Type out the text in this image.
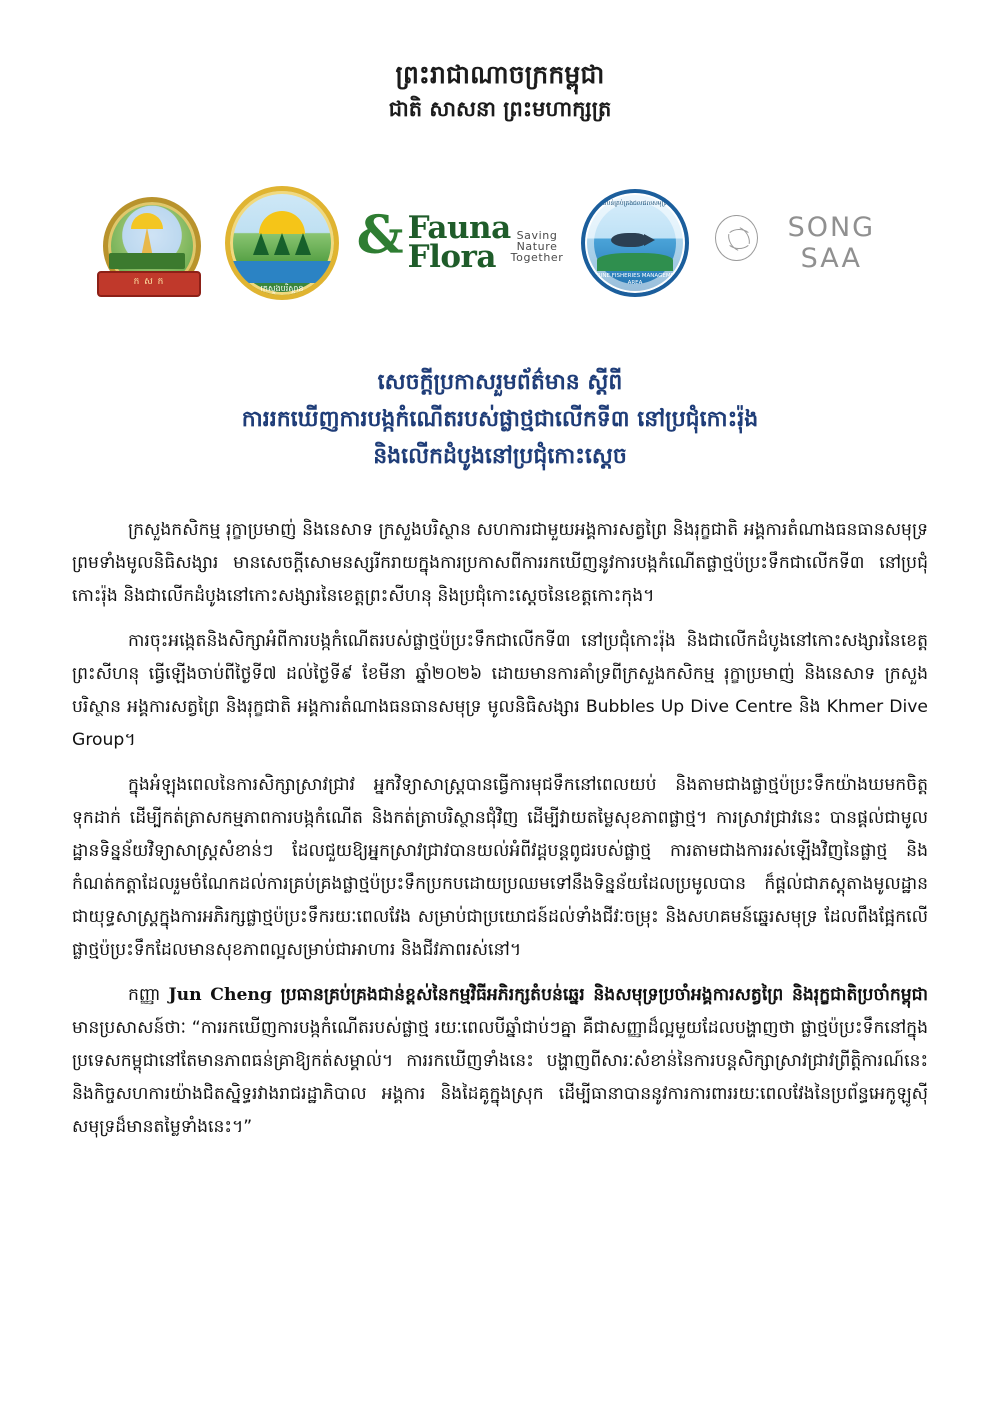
ព្រះរាជាណាចក្រកម្ពុជា
ជាតិ សាសនា ព្រះមហាក្សត្រ
ក ស ក
ក្រសួងបរិស្ថាន
& Fauna
Flora
Saving Nature Together
តំបន់គ្រប់គ្រងជលផលសមុទ្រ
MARINE FISHERIES MANAGEMENT AREA
SONG SAA
សេចក្តីប្រកាសរួមព័ត៌មាន ស្តីពី
ការរកឃើញការបង្កកំណើតរបស់ផ្លាថ្មជាលើកទី៣ នៅប្រជុំកោះរ៉ុង
និងលើកដំបូងនៅប្រជុំកោះស្តេច

ក្រសួងកសិកម្ម រុក្ខាប្រមាញ់ និងនេសាទ ក្រសួងបរិស្ថាន សហការជាមួយអង្គការសត្វព្រៃ និងរុក្ខជាតិ អង្គការតំណាងធនធានសមុទ្រ ព្រមទាំងមូលនិធិសង្សារ មានសេចក្តីសោមនស្សរីករាយក្នុងការប្រកាសពីការរកឃើញនូវការបង្កកំណើតផ្លាថ្មប៉ប្រះទឹកជាលើកទី៣ នៅប្រជុំកោះរ៉ុង និងជាលើកដំបូងនៅកោះសង្សារនៃខេត្តព្រះសីហនុ និងប្រជុំកោះស្តេចនៃខេត្តកោះកុង។

ការចុះអង្កេតនិងសិក្សាអំពីការបង្កកំណើតរបស់ផ្លាថ្មប៉ប្រះទឹកជាលើកទី៣ នៅប្រជុំកោះរ៉ុង និងជាលើកដំបូងនៅកោះសង្សារនៃខេត្តព្រះសីហនុ ធ្វើឡើងចាប់ពីថ្ងៃទី៧ ដល់ថ្ងៃទី៩ ខែមីនា ឆ្នាំ២០២៦ ដោយមានការគាំទ្រពីក្រសួងកសិកម្ម រុក្ខាប្រមាញ់ និងនេសាទ ក្រសួងបរិស្ថាន អង្គការសត្វព្រៃ និងរុក្ខជាតិ អង្គការតំណាងធនធានសមុទ្រ មូលនិធិសង្សារ Bubbles Up Dive Centre និង Khmer Dive Group។

ក្នុងអំឡុងពេលនៃការសិក្សាស្រាវជ្រាវ អ្នកវិទ្យាសាស្ត្របានធ្វើការមុជទឹកនៅពេលយប់ និងតាមជាងផ្លាថ្មប៉ប្រះទឹកយ៉ាងឃមកចិត្តទុកដាក់ ដើម្បីកត់ត្រាសកម្មភាពការបង្កកំណើត និងកត់ត្រាបរិស្ថានជុំវិញ ដើម្បីវាយតម្លៃសុខភាពផ្លាថ្ម។ ការស្រាវជ្រាវនេះ បានផ្តល់ជាមូលដ្ឋានទិន្នន័យវិទ្យាសាស្ត្រសំខាន់ៗ ដែលជួយឱ្យអ្នកស្រាវជ្រាវបានយល់អំពីវដ្តបន្តពូជរបស់ផ្លាថ្ម ការតាមជាងការរស់ឡើងវិញនៃផ្លាថ្ម និងកំណត់កត្តាដែលរួមចំណែកដល់ការគ្រប់គ្រងផ្លាថ្មប៉ប្រះទឹកប្រកបដោយប្រឈមទៅនឹងទិន្នន័យដែលប្រមូលបាន ក៏ផ្តល់ជាភស្តុតាងមូលដ្ឋានជាយុទ្ធសាស្ត្រក្នុងការអភិរក្សផ្លាថ្មប៉ប្រះទឹករយៈពេលវែង សម្រាប់ជាប្រយោជន៍ដល់ទាំងជីវៈចម្រុះ និងសហគមន៍ឆ្នេរសមុទ្រ ដែលពឹងផ្អែកលើផ្លាថ្មប៉ប្រះទឹកដែលមានសុខភាពល្អសម្រាប់ជាអាហារ និងជីវភាពរស់នៅ។

កញ្ញា Jun Cheng ប្រធានគ្រប់គ្រងជាន់ខ្ពស់នៃកម្មវិធីអភិរក្សតំបន់ឆ្នេរ និងសមុទ្រប្រចាំអង្គការសត្វព្រៃ និងរុក្ខជាតិប្រចាំកម្ពុជា មានប្រសាសន៍ថាៈ “ការរកឃើញការបង្កកំណើតរបស់ផ្លាថ្ម រយៈពេលបីឆ្នាំជាប់ៗគ្នា គឺជាសញ្ញាដ៏ល្អមួយដែលបង្ហាញថា ផ្លាថ្មប៉ប្រះទឹកនៅក្នុងប្រទេសកម្ពុជានៅតែមានភាពធន់គ្រាឱ្យកត់សម្គាល់។ ការរកឃើញទាំងនេះ បង្ហាញពីសារៈសំខាន់នៃការបន្តសិក្សាស្រាវជ្រាវព្រីត្តិការណ៍នេះ និងកិច្ចសហការយ៉ាងជិតស្និទ្ធរវាងរាជរដ្ឋាភិបាល អង្គការ និងដៃគូក្នុងស្រុក ដើម្បីធានាបាននូវការការពាររយៈពេលវែងនៃប្រព័ន្ធអេកូឡូស៊ីសមុទ្រដ៏មានតម្លៃទាំងនេះ។”
